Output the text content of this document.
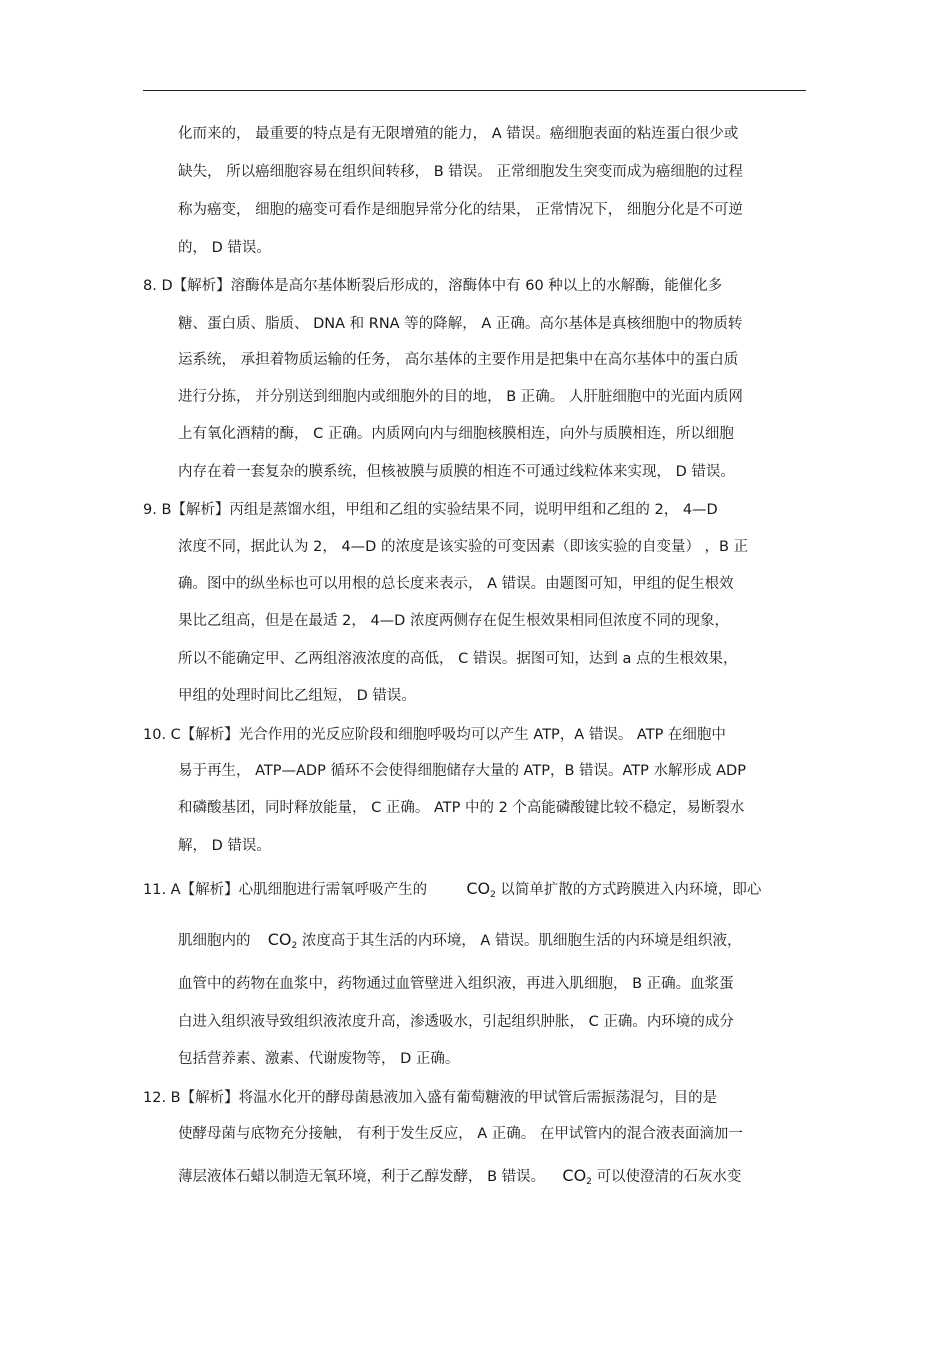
化而来的， 最重要的特点是有无限增殖的能力， A 错误。癌细胞表面的粘连蛋白很少或
缺失， 所以癌细胞容易在组织间转移， B 错误。 正常细胞发生突变而成为癌细胞的过程
称为癌变， 细胞的癌变可看作是细胞异常分化的结果， 正常情况下， 细胞分化是不可逆
的， D 错误。
8. D【解析】溶酶体是高尔基体断裂后形成的，溶酶体中有 60 种以上的水解酶，能催化多
糖、蛋白质、脂质、 DNA 和 RNA 等的降解， A 正确。高尔基体是真核细胞中的物质转
运系统， 承担着物质运输的任务， 高尔基体的主要作用是把集中在高尔基体中的蛋白质
进行分拣， 并分别送到细胞内或细胞外的目的地， B 正确。 人肝脏细胞中的光面内质网
上有氧化酒精的酶， C 正确。内质网向内与细胞核膜相连，向外与质膜相连，所以细胞
内存在着一套复杂的膜系统，但核被膜与质膜的相连不可通过线粒体来实现， D 错误。
9. B【解析】丙组是蒸馏水组，甲组和乙组的实验结果不同，说明甲组和乙组的 2， 4—D
浓度不同，据此认为 2， 4—D 的浓度是该实验的可变因素（即该实验的自变量） ，B 正
确。图中的纵坐标也可以用根的总长度来表示， A 错误。由题图可知，甲组的促生根效
果比乙组高，但是在最适 2， 4—D 浓度两侧存在促生根效果相同但浓度不同的现象，
所以不能确定甲、乙两组溶液浓度的高低， C 错误。据图可知，达到 a 点的生根效果，
甲组的处理时间比乙组短， D 错误。
10. C【解析】光合作用的光反应阶段和细胞呼吸均可以产生 ATP，A 错误。 ATP 在细胞中
易于再生， ATP—ADP 循环不会使得细胞储存大量的 ATP，B 错误。ATP 水解形成 ADP
和磷酸基团，同时释放能量， C 正确。 ATP 中的 2 个高能磷酸键比较不稳定，易断裂水
解， D 错误。
11. A【解析】心肌细胞进行需氧呼吸产生的 $CO_2$ 以简单扩散的方式跨膜进入内环境，即心
肌细胞内的 $CO_2$ 浓度高于其生活的内环境， A 错误。肌细胞生活的内环境是组织液，
血管中的药物在血浆中，药物通过血管壁进入组织液，再进入肌细胞， B 正确。血浆蛋
白进入组织液导致组织液浓度升高，渗透吸水，引起组织肿胀， C 正确。内环境的成分
包括营养素、激素、代谢废物等， D 正确。
12. B【解析】将温水化开的酵母菌悬液加入盛有葡萄糖液的甲试管后需振荡混匀，目的是
使酵母菌与底物充分接触， 有利于发生反应， A 正确。 在甲试管内的混合液表面滴加一
薄层液体石蜡以制造无氧环境，利于乙醇发酵， B 错误。 $CO_2$ 可以使澄清的石灰水变
